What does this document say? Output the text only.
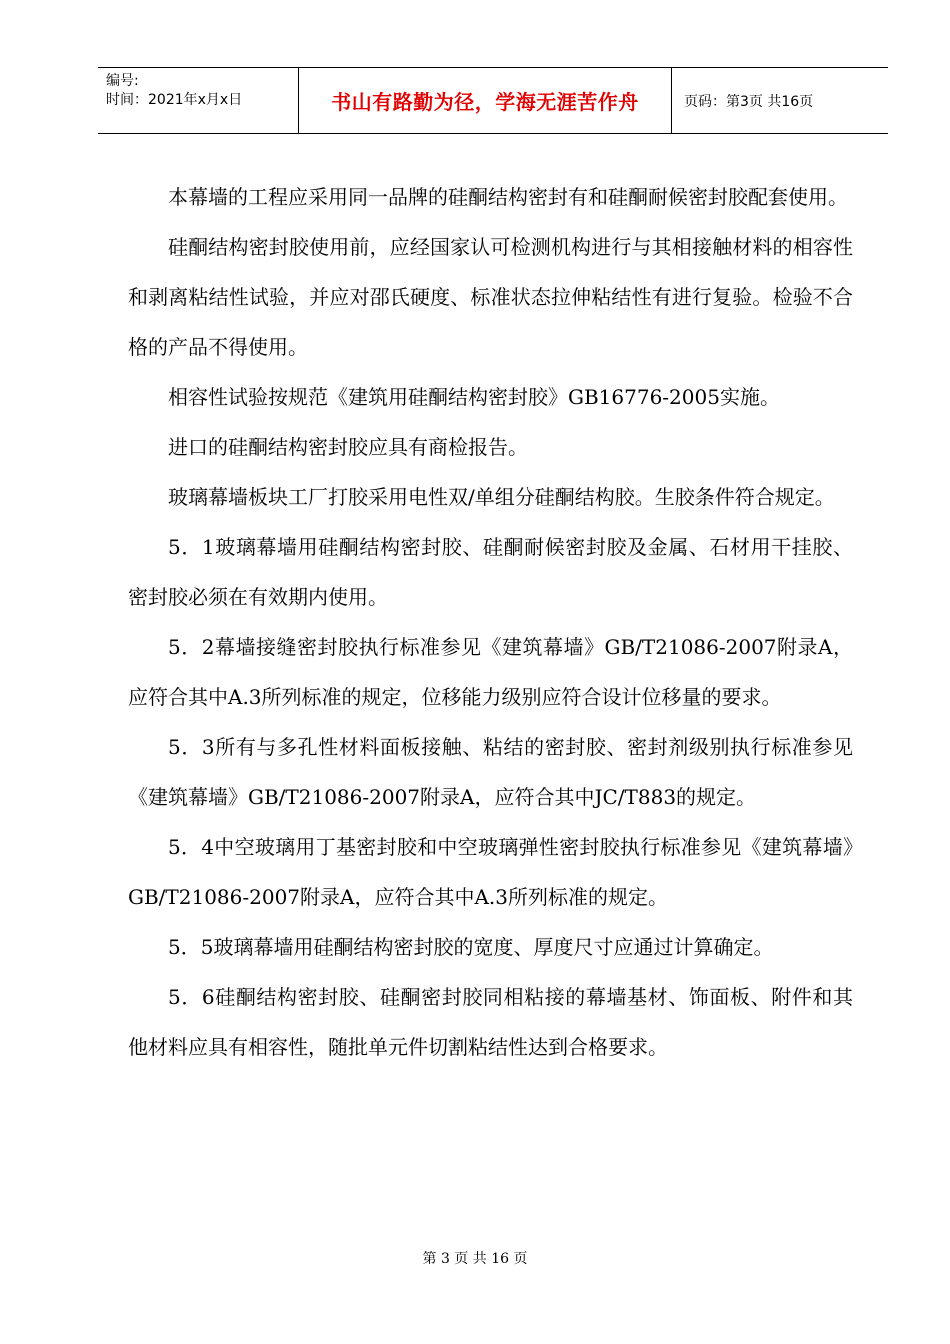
编号:
时间：2021年x月x日	书山有路勤为径，学海无涯苦作舟	页码：第3页 共16页

本幕墙的工程应采用同一品牌的硅酮结构密封有和硅酮耐候密封胶配套使用。

硅酮结构密封胶使用前，应经国家认可检测机构进行与其相接触材料的相容性和剥离粘结性试验，并应对邵氏硬度、标准状态拉伸粘结性有进行复验。检验不合格的产品不得使用。

相容性试验按规范《建筑用硅酮结构密封胶》GB16776-2005实施。

进口的硅酮结构密封胶应具有商检报告。

玻璃幕墙板块工厂打胶采用电性双/单组分硅酮结构胶。生胶条件符合规定。

5．1玻璃幕墙用硅酮结构密封胶、硅酮耐候密封胶及金属、石材用干挂胶、密封胶必须在有效期内使用。

5．2幕墙接缝密封胶执行标准参见《建筑幕墙》GB/T21086-2007附录A，应符合其中A.3所列标准的规定，位移能力级别应符合设计位移量的要求。

5．3所有与多孔性材料面板接触、粘结的密封胶、密封剂级别执行标准参见《建筑幕墙》GB/T21086-2007附录A，应符合其中JC/T883的规定。

5．4中空玻璃用丁基密封胶和中空玻璃弹性密封胶执行标准参见《建筑幕墙》GB/T21086-2007附录A，应符合其中A.3所列标准的规定。

5．5玻璃幕墙用硅酮结构密封胶的宽度、厚度尺寸应通过计算确定。

5．6硅酮结构密封胶、硅酮密封胶同相粘接的幕墙基材、饰面板、附件和其他材料应具有相容性，随批单元件切割粘结性达到合格要求。

第 3 页 共 16 页
